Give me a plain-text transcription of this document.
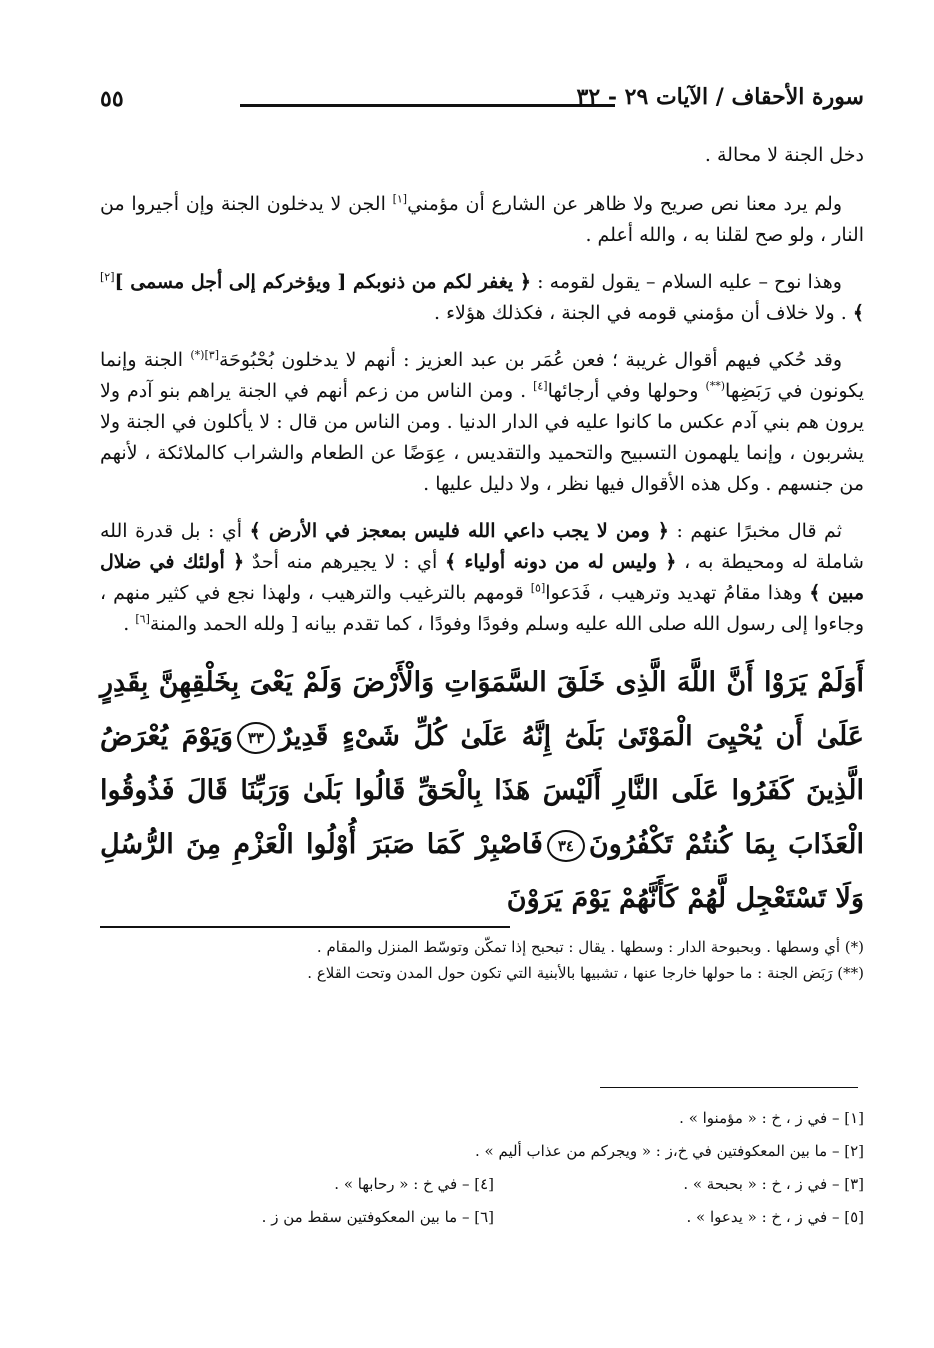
٥٥	سورة الأحقاف / الآيات ٢٩ - ٣٢

دخل الجنة لا محالة .

ولم يرد معنا نص صريح ولا ظاهر عن الشارع أن مؤمني[١] الجن لا يدخلون الجنة وإن أجيروا من النار ، ولو صح لقلنا به ، والله أعلم .

وهذا نوح – عليه السلام – يقول لقومه : ﴿ يغفر لكم من ذنوبكم [ ويؤخركم إلى أجل مسمى ][٢] ﴾ . ولا خلاف أن مؤمني قومه في الجنة ، فكذلك هؤلاء .

وقد حُكي فيهم أقوال غريبة ؛ فعن عُمَر بن عبد العزيز : أنهم لا يدخلون بُحْبُوحَة$^{[٣](*)}$ الجنة وإنما يكونون في رَبَضِها(**) وحولها وفي أرجائها[٤] . ومن الناس من زعم أنهم في الجنة يراهم بنو آدم ولا يرون هم بني آدم عكس ما كانوا عليه في الدار الدنيا . ومن الناس من قال : لا يأكلون في الجنة ولا يشربون ، وإنما يلهمون التسبيح والتحميد والتقديس ، عِوَضًا عن الطعام والشراب كالملائكة ، لأنهم من جنسهم . وكل هذه الأقوال فيها نظر ، ولا دليل عليها .

ثم قال مخبرًا عنهم : ﴿ ومن لا يجب داعي الله فليس بمعجز في الأرض ﴾ أي : بل قدرة الله شاملة له ومحيطة به ، ﴿ وليس له من دونه أولياء ﴾ أي : لا يجيرهم منه أحدٌ ﴿ أولئك في ضلال مبين ﴾ وهذا مقامُ تهديد وترهيب ، فَدَعوا[٥] قومهم بالترغيب والترهيب ، ولهذا نجع في كثير منهم ، وجاءوا إلى رسول الله صلى الله عليه وسلم وفودًا وفودًا ، كما تقدم بيانه [ ولله الحمد والمنة[٦] .

أَوَلَمْ يَرَوْا أَنَّ اللَّهَ الَّذِى خَلَقَ السَّمَوَاتِ وَالْأَرْضَ وَلَمْ يَعْىَ بِخَلْقِهِنَّ بِقَدِرٍ عَلَىٰ أَن يُحْيِىَ الْمَوْتَىٰ بَلَىٰٓ إِنَّهُ عَلَىٰ كُلِّ شَىْءٍ قَدِيرٌ٣٣وَيَوْمَ يُعْرَضُ الَّذِينَ كَفَرُوا عَلَى النَّارِ أَلَيْسَ هَذَا بِالْحَقِّ قَالُوا بَلَىٰ وَرَبِّنَا قَالَ فَذُوقُوا الْعَذَابَ بِمَا كُنتُمْ تَكْفُرُونَ٣٤فَاصْبِرْ كَمَا صَبَرَ أُوْلُوا الْعَزْمِ مِنَ الرُّسُلِ وَلَا تَسْتَعْجِل لَّهُمْ كَأَنَّهُمْ يَوْمَ يَرَوْنَ
(*) أي وسطها . وبحبوحة الدار : وسطها . يقال : تبحبح إذا تمكّن وتوسّط المنزل والمقام .
(**) رَبَض الجنة : ما حولها خارجا عنها ، تشبيها بالأبنية التي تكون حول المدن وتحت القلاع .
[١] – في ز ، خ : « مؤمنوا » .
[٢] – ما بين المعكوفتين في خ،ز : « ويجركم من عذاب أليم » .
[٣] – في ز ، خ : « بحبحة » .
[٤] – في خ : « رحابها » .
[٥] – في ز ، خ : « يدعوا » .
[٦] – ما بين المعكوفتين سقط من ز .
